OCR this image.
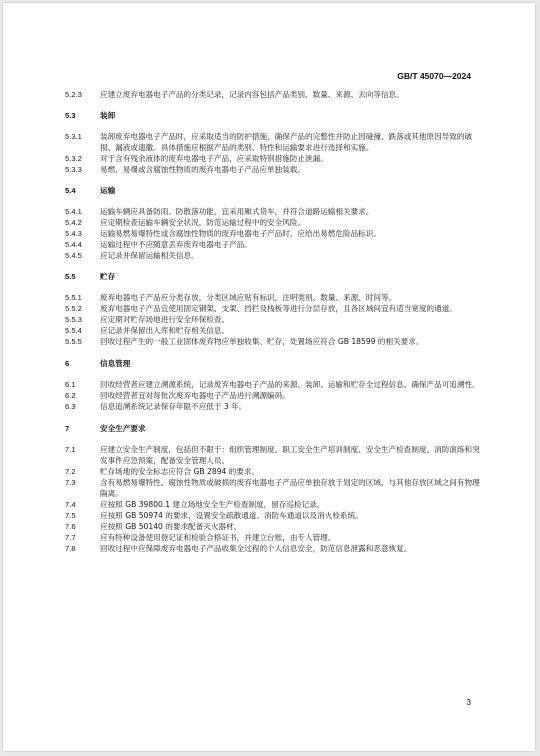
GB/T 45070—2024
5.2.3	应建立废弃电器电子产品的分类记录，记录内容包括产品类别、数量、来源、去向等信息。
5.3	装卸
5.3.1	装卸废弃电器电子产品时，应采取适当的防护措施，确保产品的完整性并防止因碰撞、跌落或其他原因导致的破损、漏液或遗撒。具体措施应根据产品的类别、特性和运输要求进行选择和实施。
5.3.2	对于含有残余液体的废弃电器电子产品，应采取特别措施防止泄漏。
5.3.3	易燃、易爆或含腐蚀性物质的废弃电器电子产品应单独装载。
5.4	运输
5.4.1	运输车辆应具备防雨、防散落功能，宜采用厢式货车，并符合道路运输相关要求。
5.4.2	应定期检查运输车辆安全状况，防范运输过程中的安全风险。
5.4.3	运输易燃易爆特性或含腐蚀性物质的废弃电器电子产品时，应给出易燃危险品标识。
5.4.4	运输过程中不应随意丢弃废弃电器电子产品。
5.4.5	应记录并保留运输相关信息。
5.5	贮存
5.5.1	废弃电器电子产品应分类存放，分类区域应贴有标识，注明类别、数量、来源、时间等。
5.5.2	废弃电器电子产品宜使用固定钢架、支架、挡栏及栈板等进行分层存放，且各区域间宜有适当宽度的通道。
5.5.3	应定期对贮存场地进行安全环保检查。
5.5.4	应记录并保留出入库和贮存相关信息。
5.5.5	回收过程产生的一般工业固体废弃物应单独收集、贮存，处置场应符合 GB 18599 的相关要求。
6	信息管理
6.1	回收经营者应建立溯源系统，记录废弃电器电子产品的来源、装卸、运输和贮存全过程信息，确保产品可追溯性。
6.2	回收经营者宜对每批次废弃电器电子产品进行溯源编码。
6.3	信息追溯系统记录保存年限不应低于 3 年。
7	安全生产要求
7.1	应建立安全生产制度，包括但不限于：组织管理制度、职工安全生产培训制度、安全生产检查制度、消防演练和突发事件应急预案，配备安全管理人员。
7.2	贮存场地的安全标志应符合 GB 2894 的要求。
7.3	含有易燃易爆特性、腐蚀性物质或破损的废弃电器电子产品应单独存放于划定的区域，与其他存放区域之间有物理隔离。
7.4	应按照 GB 39800.1 建立场地安全生产检查制度，留存巡检记录。
7.5	应按照 GB 50974 的要求，设置安全疏散通道、消防车通道以及消火栓系统。
7.6	应按照 GB 50140 的要求配备灭火器材。
7.7	应有特种设备使用登记证和检验合格证书，并建立台账，由专人管理。
7.8	回收过程中应保障废弃电器电子产品收集全过程的个人信息安全，防范信息泄露和恶意恢复。
3
